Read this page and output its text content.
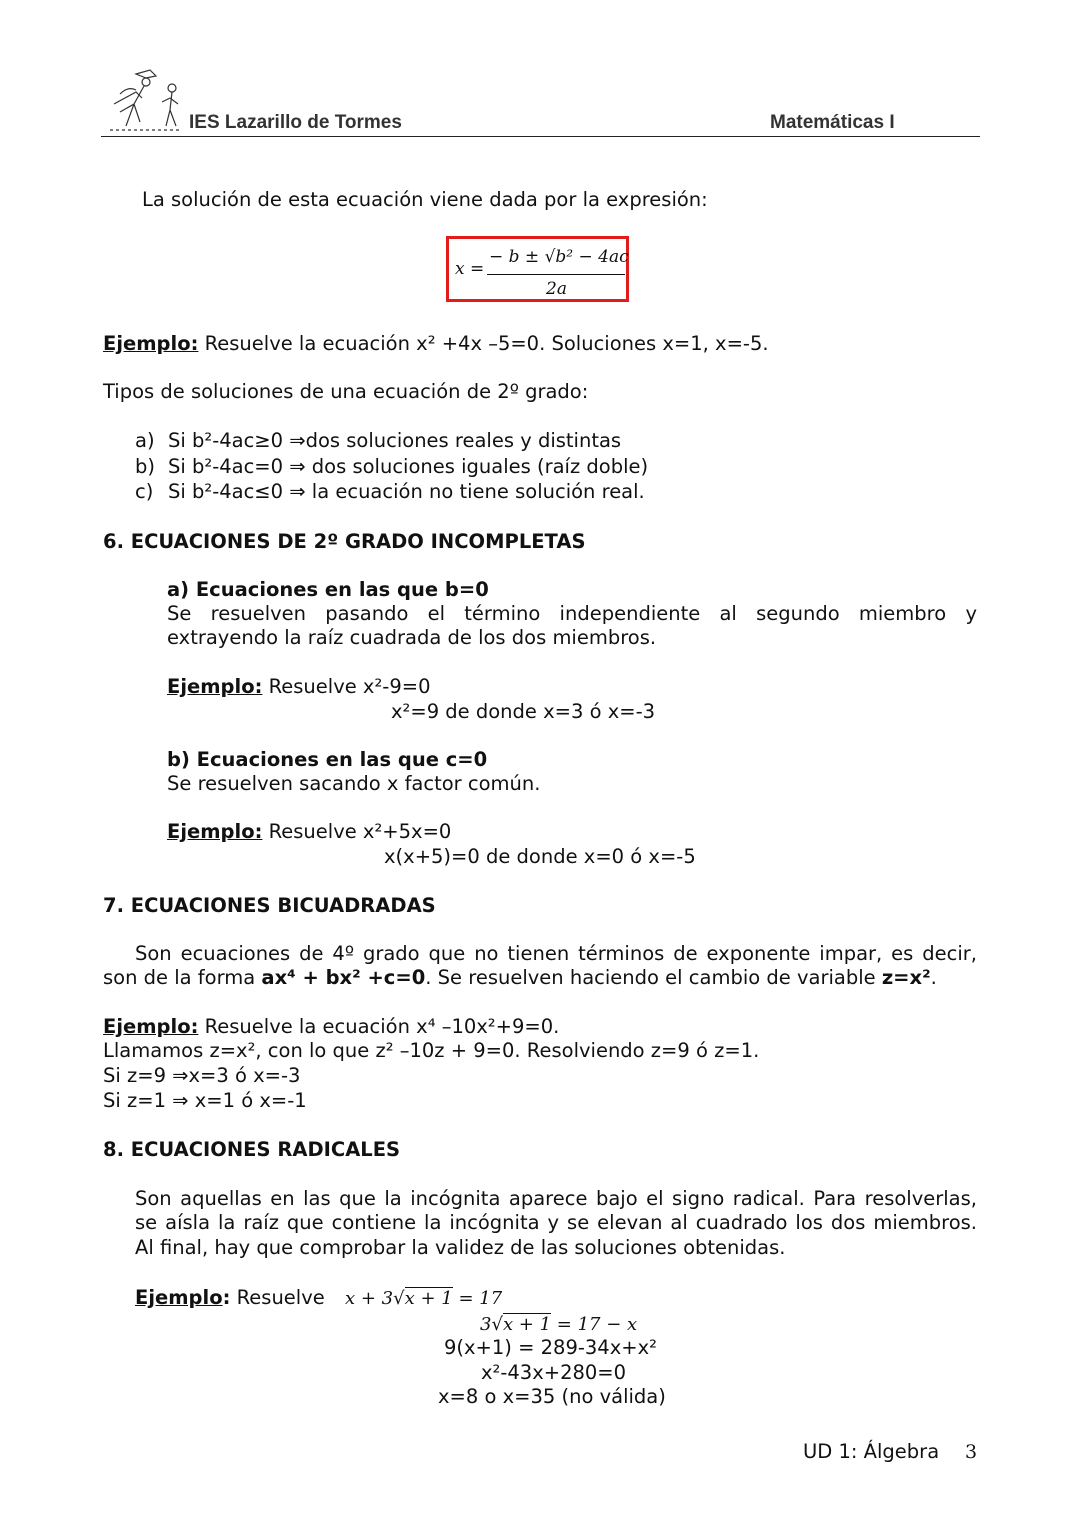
IES Lazarillo de Tormes	Matemáticas I
La solución de esta ecuación viene dada por la expresión:
x =
− b ± √b² − 4ac
2a
Ejemplo: Resuelve la ecuación x² +4x –5=0. Soluciones x=1, x=-5.
Tipos de soluciones de una ecuación de 2º grado:
a) Si b²-4ac≥0 ⇒dos soluciones reales y distintas
b) Si b²-4ac=0 ⇒ dos soluciones iguales (raíz doble)
c) Si b²-4ac≤0 ⇒ la ecuación no tiene solución real.
6. ECUACIONES DE 2º GRADO INCOMPLETAS
a) Ecuaciones en las que b=0
Se resuelven pasando el término independiente al segundo miembro y
extrayendo la raíz cuadrada de los dos miembros.
Ejemplo: Resuelve x²-9=0
x²=9 de donde x=3 ó x=-3
b) Ecuaciones en las que c=0
Se resuelven sacando x factor común.
Ejemplo: Resuelve x²+5x=0
x(x+5)=0 de donde x=0 ó x=-5
7. ECUACIONES BICUADRADAS
Son ecuaciones de 4º grado que no tienen términos de exponente impar, es decir,
son de la forma ax⁴ + bx² +c=0. Se resuelven haciendo el cambio de variable z=x².
Ejemplo: Resuelve la ecuación x⁴ –10x²+9=0.
Llamamos z=x², con lo que z² –10z + 9=0. Resolviendo z=9 ó z=1.
Si z=9 ⇒x=3 ó x=-3
Si z=1 ⇒ x=1 ó x=-1
8. ECUACIONES RADICALES
Son aquellas en las que la incógnita aparece bajo el signo radical. Para resolverlas,
se aísla la raíz que contiene la incógnita y se elevan al cuadrado los dos miembros.
Al final, hay que comprobar la validez de las soluciones obtenidas.
Ejemplo: Resuelve x + 3√x + 1 = 17
3√x + 1 = 17 − x
9(x+1) = 289-34x+x²
x²-43x+280=0
x=8 o x=35 (no válida)
UD 1: Álgebra 3
